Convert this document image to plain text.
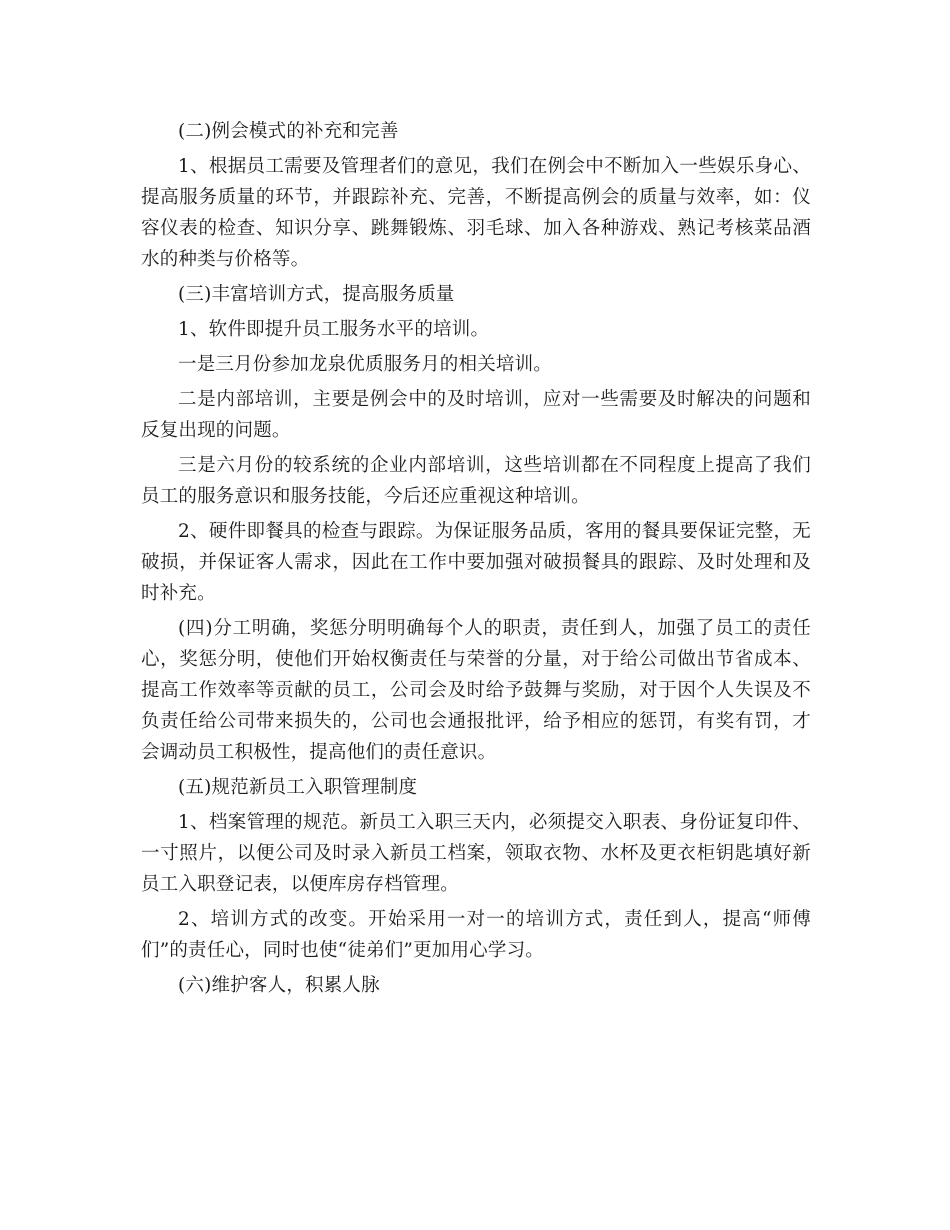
(二)例会模式的补充和完善

1、根据员工需要及管理者们的意见，我们在例会中不断加入一些娱乐身心、提高服务质量的环节，并跟踪补充、完善，不断提高例会的质量与效率，如：仪容仪表的检查、知识分享、跳舞锻炼、羽毛球、加入各种游戏、熟记考核菜品酒水的种类与价格等。

(三)丰富培训方式，提高服务质量

1、软件即提升员工服务水平的培训。

一是三月份参加龙泉优质服务月的相关培训。

二是内部培训，主要是例会中的及时培训，应对一些需要及时解决的问题和反复出现的问题。

三是六月份的较系统的企业内部培训，这些培训都在不同程度上提高了我们员工的服务意识和服务技能，今后还应重视这种培训。

2、硬件即餐具的检查与跟踪。为保证服务品质，客用的餐具要保证完整，无破损，并保证客人需求，因此在工作中要加强对破损餐具的跟踪、及时处理和及时补充。

(四)分工明确，奖惩分明明确每个人的职责，责任到人，加强了员工的责任心，奖惩分明，使他们开始权衡责任与荣誉的分量，对于给公司做出节省成本、提高工作效率等贡献的员工，公司会及时给予鼓舞与奖励，对于因个人失误及不负责任给公司带来损失的，公司也会通报批评，给予相应的惩罚，有奖有罚，才会调动员工积极性，提高他们的责任意识。

(五)规范新员工入职管理制度

1、档案管理的规范。新员工入职三天内，必须提交入职表、身份证复印件、一寸照片，以便公司及时录入新员工档案，领取衣物、水杯及更衣柜钥匙填好新员工入职登记表，以便库房存档管理。

2、培训方式的改变。开始采用一对一的培训方式，责任到人，提高“师傅们”的责任心，同时也使“徒弟们”更加用心学习。

(六)维护客人，积累人脉
